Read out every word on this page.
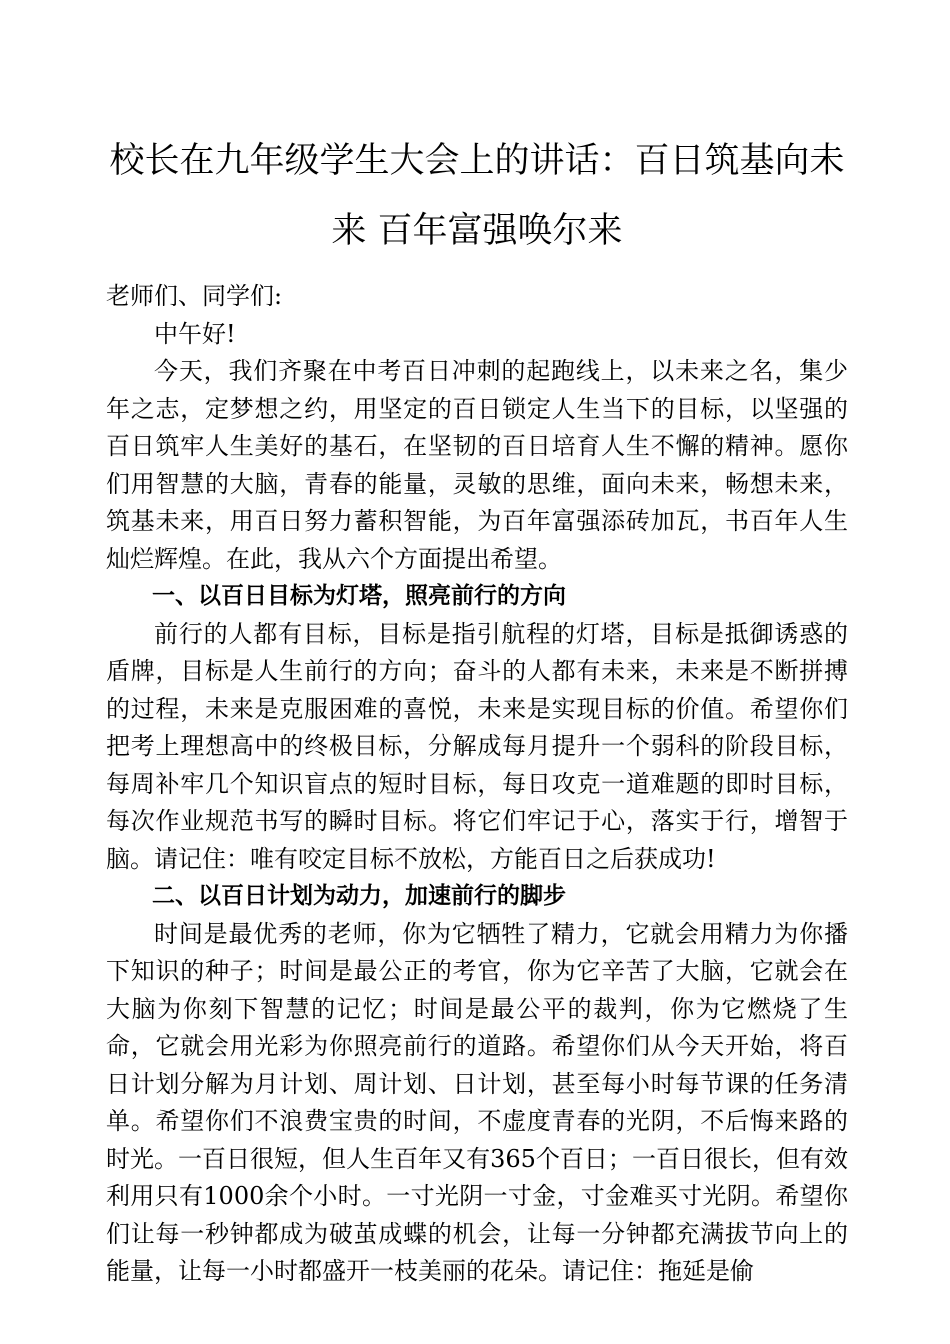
校长在九年级学生大会上的讲话：百日筑基向未
来 百年富强唤尔来

老师们、同学们:

中午好!

今天，我们齐聚在中考百日冲刺的起跑线上，以未来之名，集少年之志，定梦想之约，用坚定的百日锁定人生当下的目标，以坚强的百日筑牢人生美好的基石，在坚韧的百日培育人生不懈的精神。愿你们用智慧的大脑，青春的能量，灵敏的思维，面向未来，畅想未来，筑基未来，用百日努力蓄积智能，为百年富强添砖加瓦，书百年人生灿烂辉煌。在此，我从六个方面提出希望。

一、以百日目标为灯塔，照亮前行的方向

前行的人都有目标，目标是指引航程的灯塔，目标是抵御诱惑的盾牌，目标是人生前行的方向；奋斗的人都有未来，未来是不断拼搏的过程，未来是克服困难的喜悦，未来是实现目标的价值。希望你们把考上理想高中的终极目标，分解成每月提升一个弱科的阶段目标，每周补牢几个知识盲点的短时目标，每日攻克一道难题的即时目标，每次作业规范书写的瞬时目标。将它们牢记于心，落实于行，增智于脑。请记住：唯有咬定目标不放松，方能百日之后获成功!

二、以百日计划为动力，加速前行的脚步

时间是最优秀的老师，你为它牺牲了精力，它就会用精力为你播下知识的种子；时间是最公正的考官，你为它辛苦了大脑，它就会在大脑为你刻下智慧的记忆；时间是最公平的裁判，你为它燃烧了生命，它就会用光彩为你照亮前行的道路。希望你们从今天开始，将百日计划分解为月计划、周计划、日计划，甚至每小时每节课的任务清单。希望你们不浪费宝贵的时间，不虚度青春的光阴，不后悔来路的时光。一百日很短，但人生百年又有365个百日；一百日很长，但有效利用只有1000余个小时。一寸光阴一寸金，寸金难买寸光阴。希望你们让每一秒钟都成为破茧成蝶的机会，让每一分钟都充满拔节向上的能量，让每一小时都盛开一枝美丽的花朵。请记住：拖延是偷
